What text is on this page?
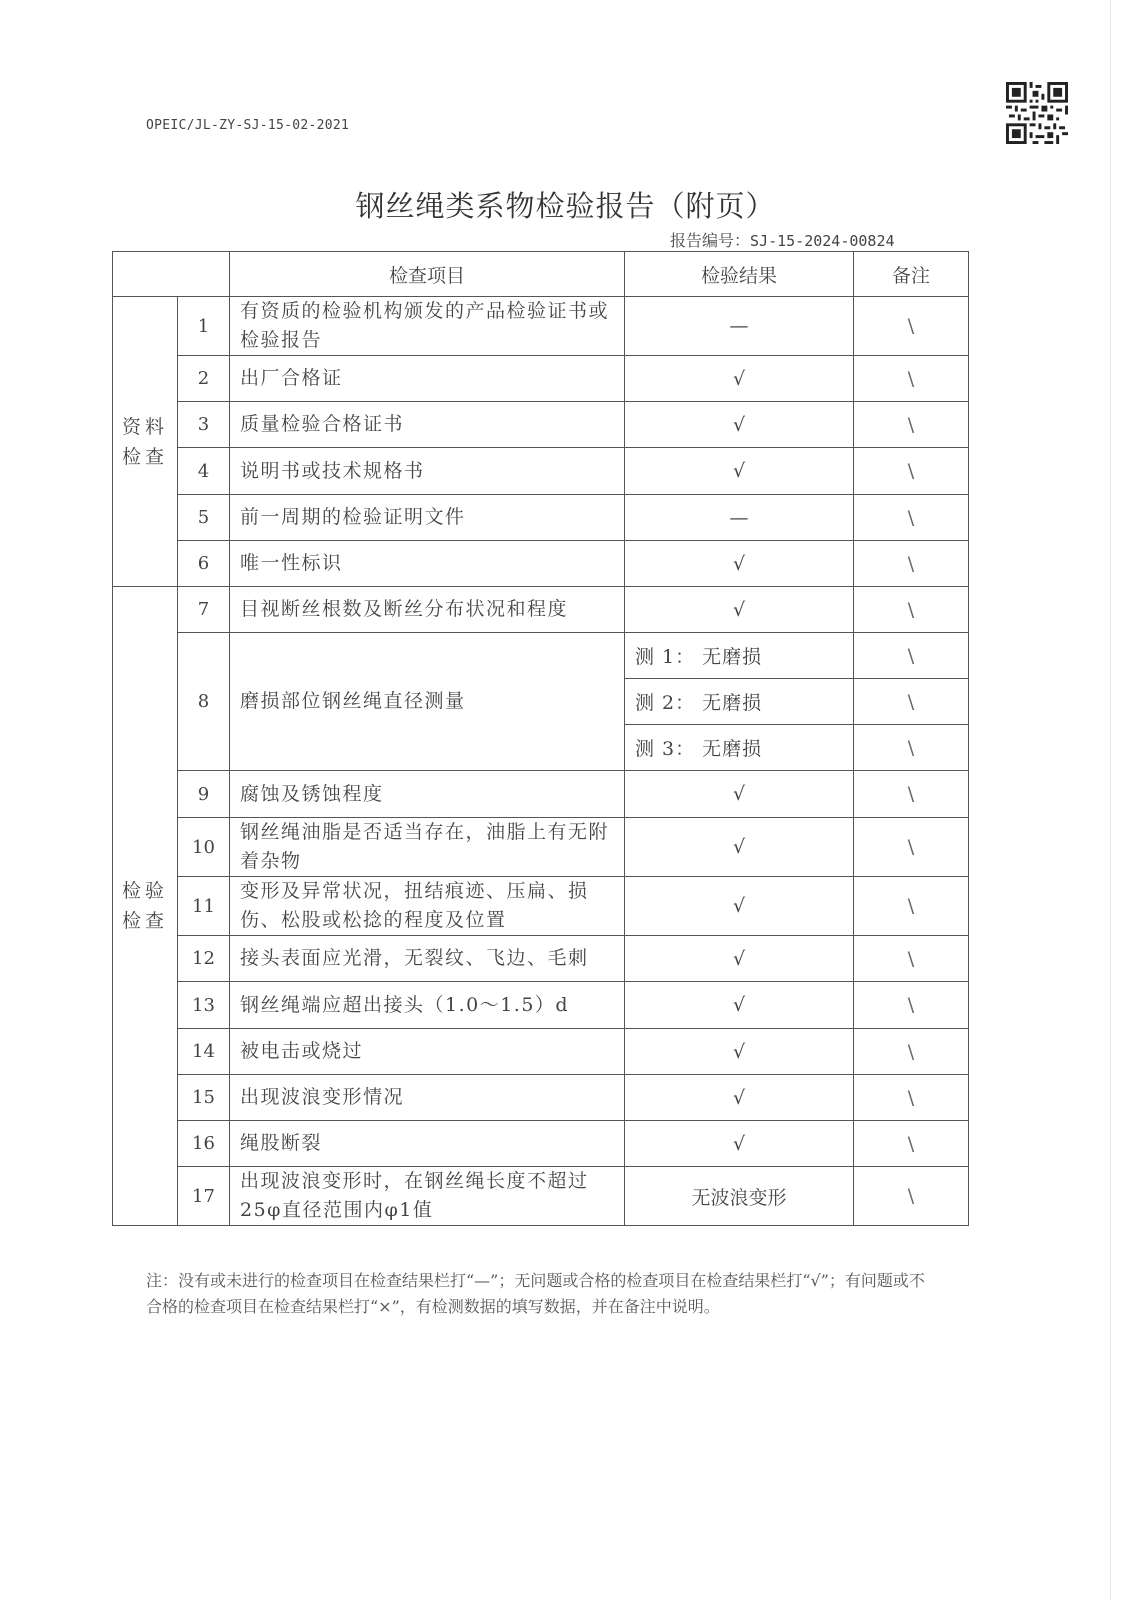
OPEIC/JL-ZY-SJ-15-02-2021
钢丝绳类系物检验报告（附页）
报告编号：SJ-15-2024-00824
		检查项目	检验结果	备注
资料检查	1	有资质的检验机构颁发的产品检验证书或检验报告	—	\
	2	出厂合格证	√	\
	3	质量检验合格证书	√	\
	4	说明书或技术规格书	√	\
	5	前一周期的检验证明文件	—	\
	6	唯一性标识	√	\
检验检查	7	目视断丝根数及断丝分布状况和程度	√	\
	8	磨损部位钢丝绳直径测量	测 1： 无磨损	\
			测 2： 无磨损	\
			测 3： 无磨损	\
	9	腐蚀及锈蚀程度	√	\
	10	钢丝绳油脂是否适当存在，油脂上有无附着杂物	√	\
	11	变形及异常状况，扭结痕迹、压扁、损伤、松股或松捻的程度及位置	√	\
	12	接头表面应光滑，无裂纹、飞边、毛刺	√	\
	13	钢丝绳端应超出接头（1.0～1.5）d	√	\
	14	被电击或烧过	√	\
	15	出现波浪变形情况	√	\
	16	绳股断裂	√	\
	17	出现波浪变形时，在钢丝绳长度不超过25φ直径范围内φ1值	无波浪变形	\

注：没有或未进行的检查项目在检查结果栏打“—”；无问题或合格的检查项目在检查结果栏打“√”；有问题或不合格的检查项目在检查结果栏打“×”，有检测数据的填写数据，并在备注中说明。
